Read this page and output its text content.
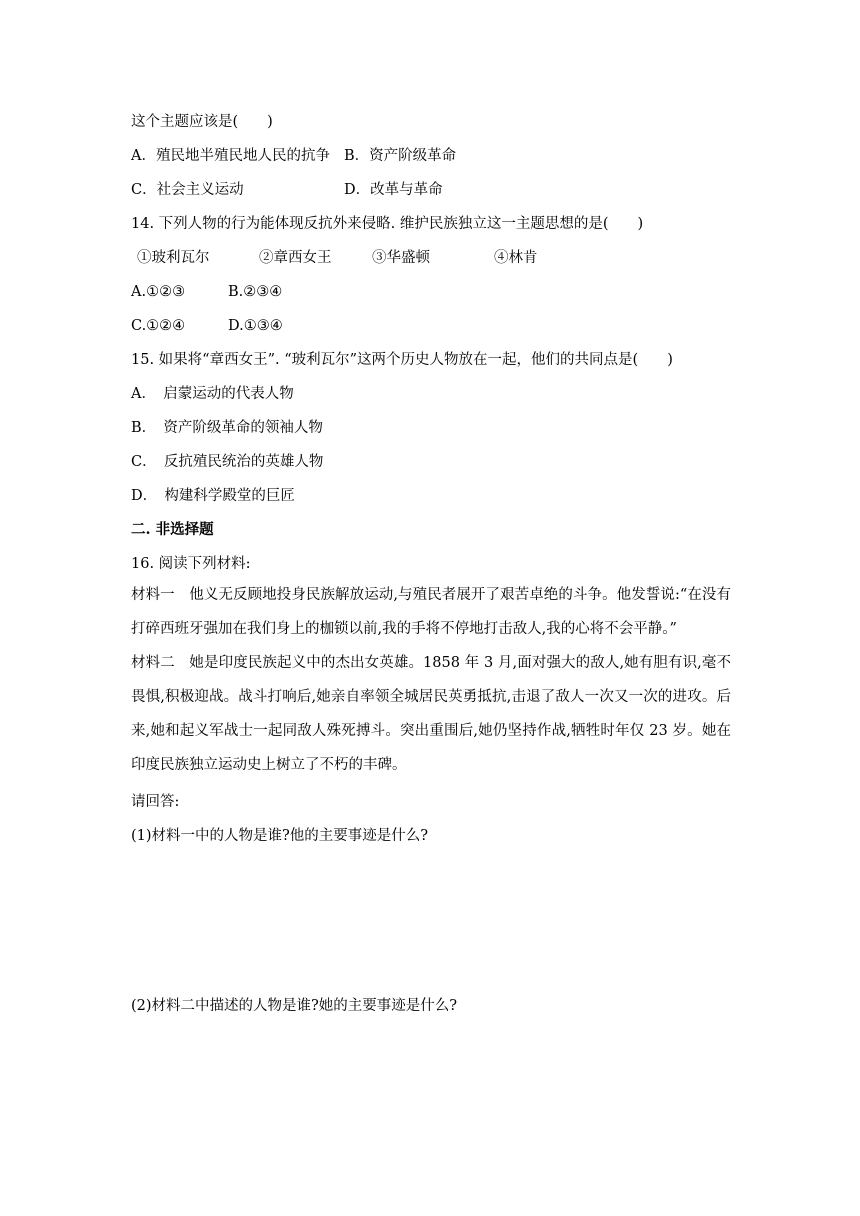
这个主题应该是(　　)
A．殖民地半殖民地人民的抗争 B．资产阶级革命
C．社会主义运动	D．改革与革命
14. 下列人物的行为能体现反抗外来侵略. 维护民族独立这一主题思想的是(　　)
①玻利瓦尔	②章西女王	③华盛顿	④林肯
A.①②③	B.②③④
C.①②④	D.①③④
15. 如果将“章西女王”. “玻利瓦尔”这两个历史人物放在一起，他们的共同点是(　　)
A．　启蒙运动的代表人物
B．　资产阶级革命的领袖人物
C．　反抗殖民统治的英雄人物
D．　构建科学殿堂的巨匠
二. 非选择题
16. 阅读下列材料:
材料一　他义无反顾地投身民族解放运动,与殖民者展开了艰苦卓绝的斗争。他发誓说:“在没有打碎西班牙强加在我们身上的枷锁以前,我的手将不停地打击敌人,我的心将不会平静。”
材料二　她是印度民族起义中的杰出女英雄。1858 年 3 月,面对强大的敌人,她有胆有识,毫不畏惧,积极迎战。战斗打响后,她亲自率领全城居民英勇抵抗,击退了敌人一次又一次的进攻。后来,她和起义军战士一起同敌人殊死搏斗。突出重围后,她仍坚持作战,牺牲时年仅 23 岁。她在印度民族独立运动史上树立了不朽的丰碑。
请回答:
(1)材料一中的人物是谁?他的主要事迹是什么?
(2)材料二中描述的人物是谁?她的主要事迹是什么?
